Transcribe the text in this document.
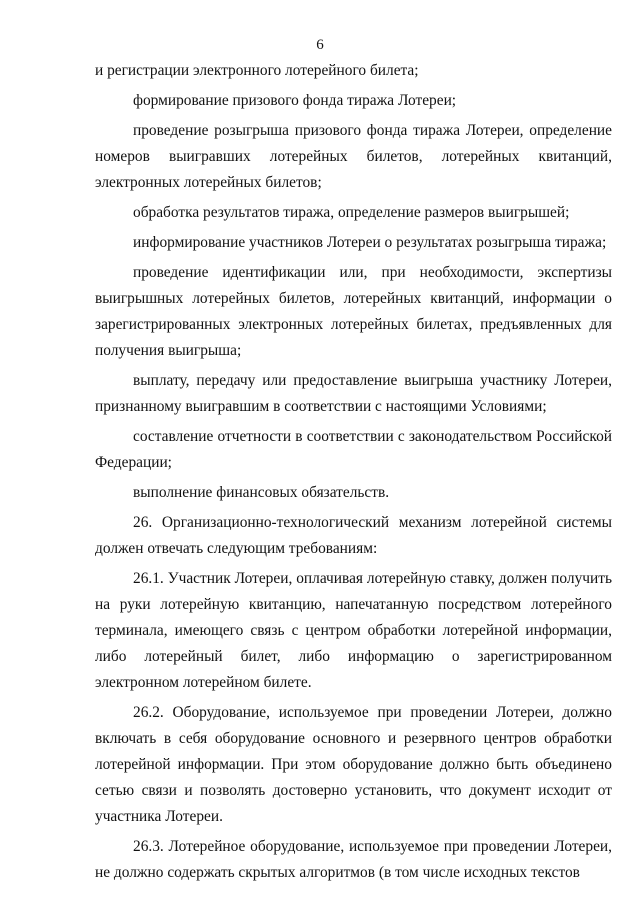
6

и регистрации электронного лотерейного билета;

формирование призового фонда тиража Лотереи;

проведение розыгрыша призового фонда тиража Лотереи, определение номеров выигравших лотерейных билетов, лотерейных квитанций, электронных лотерейных билетов;

обработка результатов тиража, определение размеров выигрышей;

информирование участников Лотереи о результатах розыгрыша тиража;

проведение идентификации или, при необходимости, экспертизы выигрышных лотерейных билетов, лотерейных квитанций, информации о зарегистрированных электронных лотерейных билетах, предъявленных для получения выигрыша;

выплату, передачу или предоставление выигрыша участнику Лотереи, признанному выигравшим в соответствии с настоящими Условиями;

составление отчетности в соответствии с законодательством Российской Федерации;

выполнение финансовых обязательств.

26. Организационно-технологический механизм лотерейной системы должен отвечать следующим требованиям:

26.1. Участник Лотереи, оплачивая лотерейную ставку, должен получить на руки лотерейную квитанцию, напечатанную посредством лотерейного терминала, имеющего связь с центром обработки лотерейной информации, либо лотерейный билет, либо информацию о зарегистрированном электронном лотерейном билете.

26.2. Оборудование, используемое при проведении Лотереи, должно включать в себя оборудование основного и резервного центров обработки лотерейной информации. При этом оборудование должно быть объединено сетью связи и позволять достоверно установить, что документ исходит от участника Лотереи.

26.3. Лотерейное оборудование, используемое при проведении Лотереи, не должно содержать скрытых алгоритмов (в том числе исходных текстов
